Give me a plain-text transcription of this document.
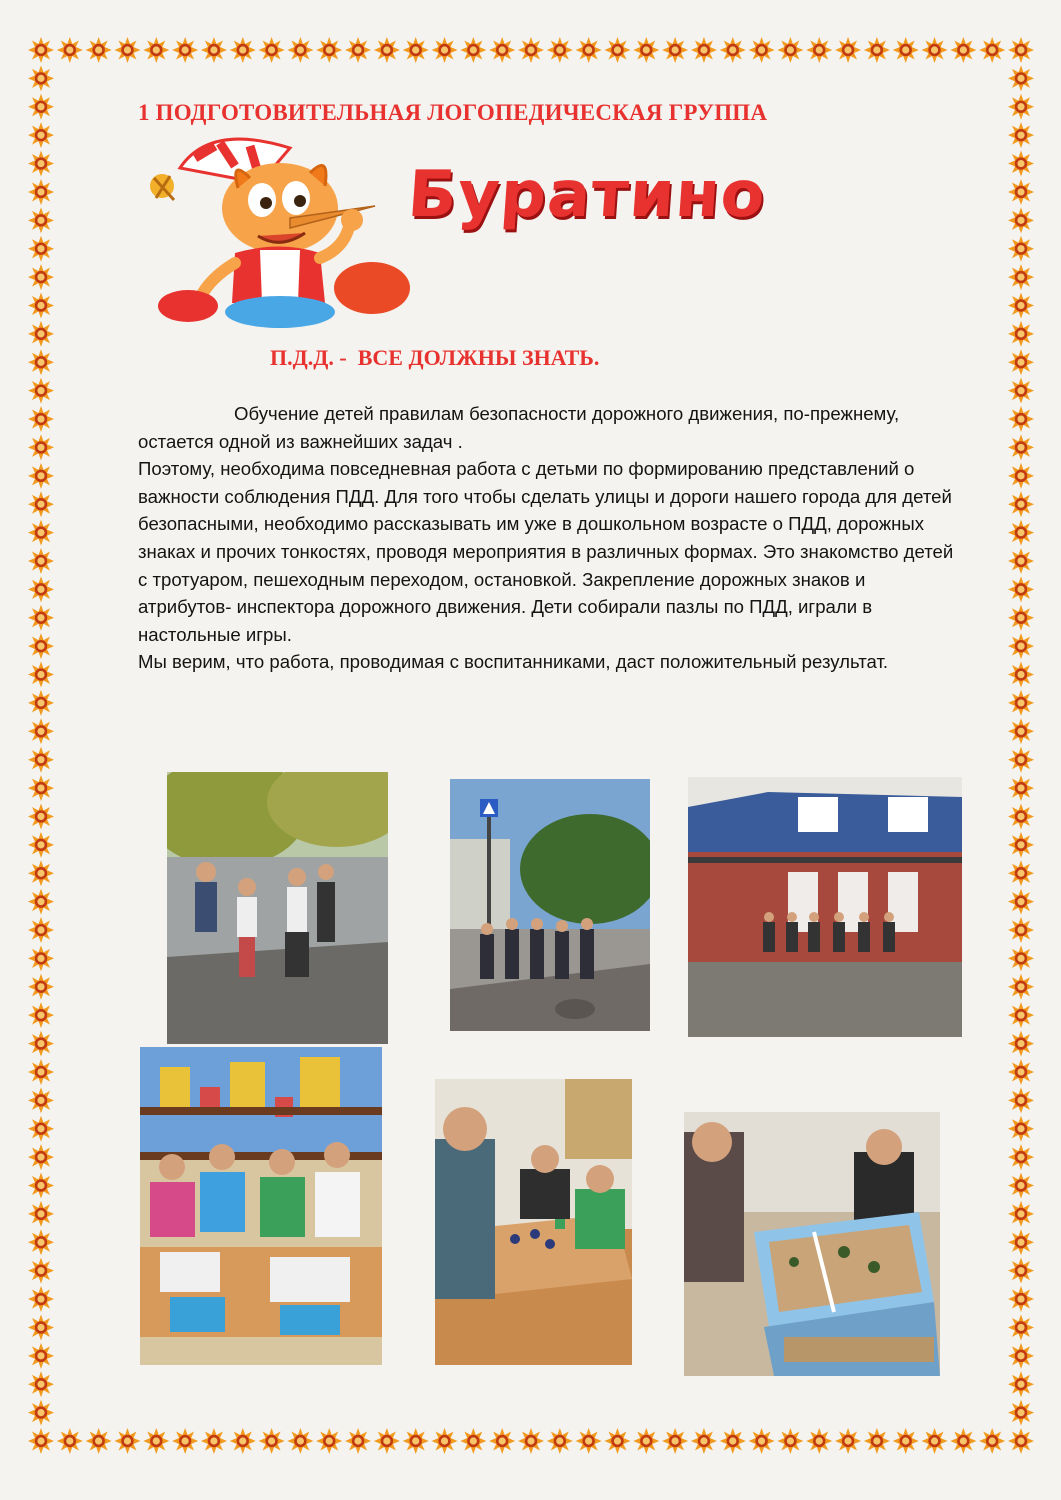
1 ПОДГОТОВИТЕЛЬНАЯ ЛОГОПЕДИЧЕСКАЯ ГРУППА
Буратино
П.Д.Д. -  ВСЕ ДОЛЖНЫ ЗНАТЬ.

Обучение детей правилам безопасности дорожного движения, по-прежнему, остается одной из важнейших задач .

Поэтому, необходима повседневная работа с детьми по формированию представлений о важности соблюдения ПДД. Для того чтобы сделать улицы и дороги нашего города для детей безопасными, необходимо рассказывать им уже в дошкольном возрасте о ПДД, дорожных знаках и прочих тонкостях, проводя мероприятия в различных формах. Это знакомство детей с тротуаром, пешеходным переходом, остановкой. Закрепление дорожных знаков и атрибутов- инспектора дорожного движения. Дети собирали пазлы по ПДД, играли в настольные игры.

Мы верим, что работа, проводимая с воспитанниками, даст положительный результат.
